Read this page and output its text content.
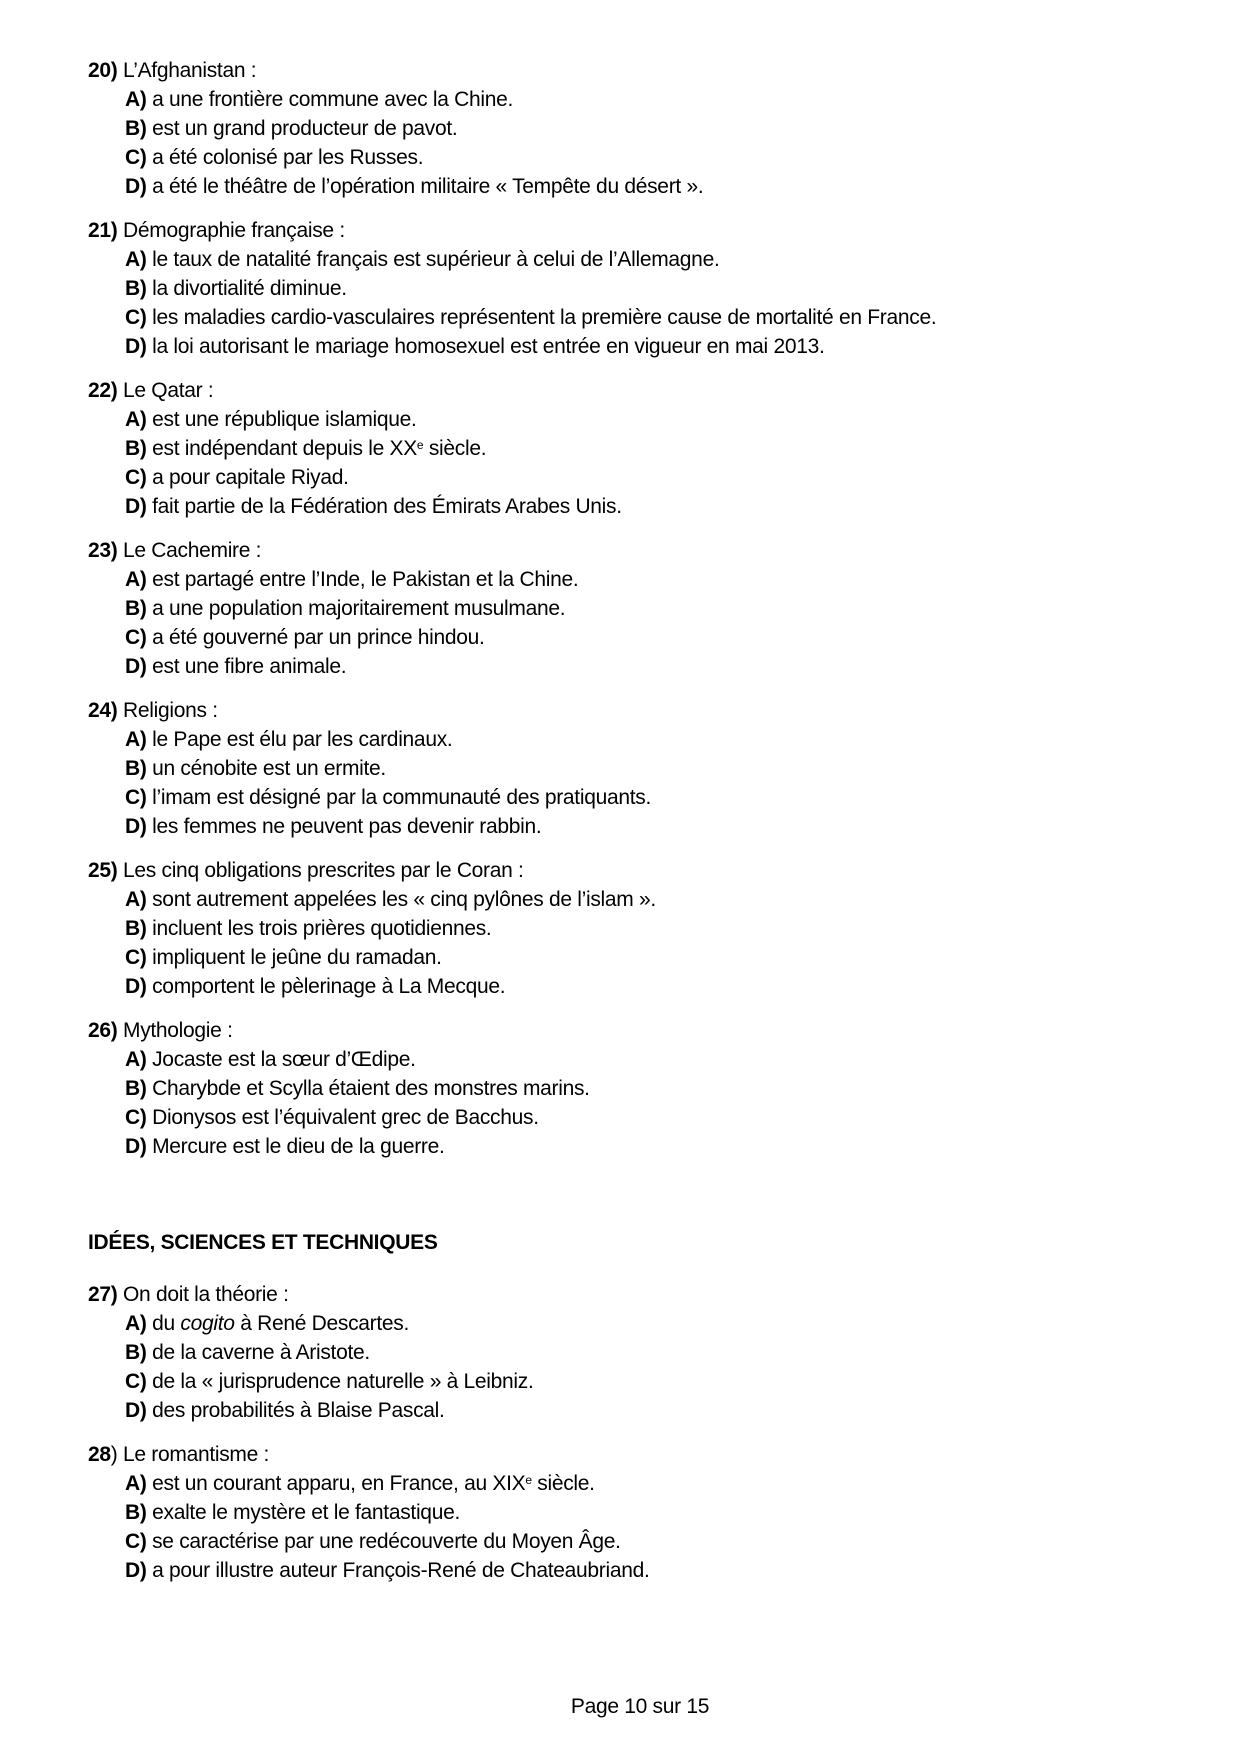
20) L’Afghanistan :
A) a une frontière commune avec la Chine.
B) est un grand producteur de pavot.
C) a été colonisé par les Russes.
D) a été le théâtre de l’opération militaire « Tempête du désert ».
21) Démographie française :
A) le taux de natalité français est supérieur à celui de l’Allemagne.
B) la divortialité diminue.
C) les maladies cardio-vasculaires représentent la première cause de mortalité en France.
D) la loi autorisant le mariage homosexuel est entrée en vigueur en mai 2013.
22) Le Qatar :
A) est une république islamique.
B) est indépendant depuis le XXe siècle.
C) a pour capitale Riyad.
D) fait partie de la Fédération des Émirats Arabes Unis.
23) Le Cachemire :
A) est partagé entre l’Inde, le Pakistan et la Chine.
B) a une population majoritairement musulmane.
C) a été gouverné par un prince hindou.
D) est une fibre animale.
24) Religions :
A) le Pape est élu par les cardinaux.
B) un cénobite est un ermite.
C) l’imam est désigné par la communauté des pratiquants.
D) les femmes ne peuvent pas devenir rabbin.
25) Les cinq obligations prescrites par le Coran :
A) sont autrement appelées les « cinq pylônes de l’islam ».
B) incluent les trois prières quotidiennes.
C) impliquent le jeûne du ramadan.
D) comportent le pèlerinage à La Mecque.
26) Mythologie :
A) Jocaste est la sœur d’Œdipe.
B) Charybde et Scylla étaient des monstres marins.
C) Dionysos est l’équivalent grec de Bacchus.
D) Mercure est le dieu de la guerre.
IDÉES, SCIENCES ET TECHNIQUES
27) On doit la théorie :
A) du cogito à René Descartes.
B) de la caverne à Aristote.
C) de la « jurisprudence naturelle » à Leibniz.
D) des probabilités à Blaise Pascal.
28) Le romantisme :
A) est un courant apparu, en France, au XIXe siècle.
B) exalte le mystère et le fantastique.
C) se caractérise par une redécouverte du Moyen Âge.
D) a pour illustre auteur François-René de Chateaubriand.
Page 10 sur 15
